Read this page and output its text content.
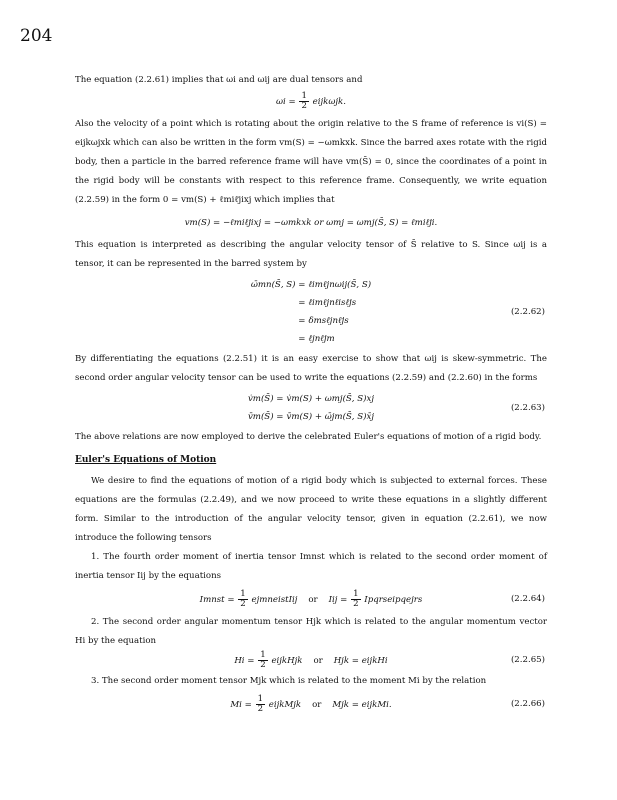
204

The equation (2.2.61) implies that ωi and ωij are dual tensors and

$\omega i = \frac{1}{2}$ eijkωjk.

Also the velocity of a point which is rotating about the origin relative to the S frame of reference is vi(S) = eijkωjxk which can also be written in the form vm(S) = −ωmkxk. Since the barred axes rotate with the rigid body, then a particle in the barred reference frame will have vm(S̄) = 0, since the coordinates of a point in the rigid body will be constants with respect to this reference frame. Consequently, we write equation (2.2.59) in the form 0 = vm(S) + ℓmiℓ̇jixj which implies that

vm(S) = −ℓmiℓ̇jixj = −ωmkxk or ωmj = ωmj(S̄, S) = ℓmiℓ̇ji.

This equation is interpreted as describing the angular velocity tensor of S̄ relative to S. Since ωij is a tensor, it can be represented in the barred system by

ω̄mn(S̄, S) = ℓimℓjnωij(S̄, S)
= ℓimℓjnℓisℓ̇js
= δmsℓjnℓ̇js
= ℓjnℓ̇jm
(2.2.62)

By differentiating the equations (2.2.51) it is an easy exercise to show that ωij is skew-symmetric. The second order angular velocity tensor can be used to write the equations (2.2.59) and (2.2.60) in the forms

v̇m(S̄) = v̇m(S) + ωmj(S̄, S)xj
v̄m(S̄) = v̄m(S) + ω̄jm(S̄, S)x̄j
(2.2.63)

The above relations are now employed to derive the celebrated Euler's equations of motion of a rigid body.

Euler's Equations of Motion

We desire to find the equations of motion of a rigid body which is subjected to external forces. These equations are the formulas (2.2.49), and we now proceed to write these equations in a slightly different form. Similar to the introduction of the angular velocity tensor, given in equation (2.2.61), we now introduce the following tensors

1. The fourth order moment of inertia tensor Imnst which is related to the second order moment of inertia tensor Iij by the equations

Imnst = $\frac{1}{2}$ ejmneistIij or Iij = $\frac{1}{2}$ Ipqrseipqejrs	(2.2.64)

2. The second order angular momentum tensor Hjk which is related to the angular momentum vector Hi by the equation

$Hi = \frac{1}{2}$ eijkHjk or Hjk = eijkHi	(2.2.65)

3. The second order moment tensor Mjk which is related to the moment Mi by the relation

$Mi = \frac{1}{2}$ eijkMjk or Mjk = eijkMi.	(2.2.66)
